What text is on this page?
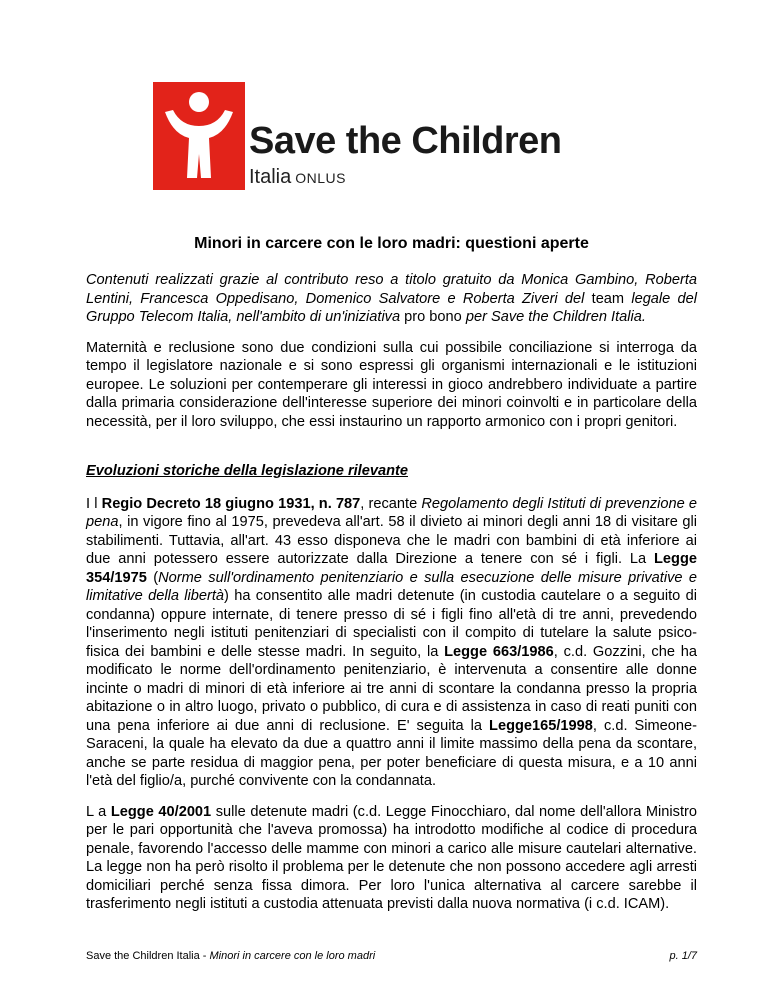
Save the Children
Italia ONLUS
Minori in carcere con le loro madri: questioni aperte

Contenuti realizzati grazie al contributo reso a titolo gratuito da Monica Gambino, Roberta Lentini, Francesca Oppedisano, Domenico Salvatore e Roberta Ziveri del team legale del Gruppo Telecom Italia, nell'ambito di un'iniziativa pro bono per Save the Children Italia.

Maternità e reclusione sono due condizioni sulla cui possibile conciliazione si interroga da tempo il legislatore nazionale e si sono espressi gli organismi internazionali e le istituzioni europee. Le soluzioni per contemperare gli interessi in gioco andrebbero individuate a partire dalla primaria considerazione dell'interesse superiore dei minori coinvolti e in particolare della necessità, per il loro sviluppo, che essi instaurino un rapporto armonico con i propri genitori.

Evoluzioni storiche della legislazione rilevante

I l Regio Decreto 18 giugno 1931, n. 787, recante Regolamento degli Istituti di prevenzione e pena, in vigore fino al 1975, prevedeva all'art. 58 il divieto ai minori degli anni 18 di visitare gli stabilimenti. Tuttavia, all'art. 43 esso disponeva che le madri con bambini di età inferiore ai due anni potessero essere autorizzate dalla Direzione a tenere con sé i figli. La Legge 354/1975 (Norme sull'ordinamento penitenziario e sulla esecuzione delle misure privative e limitative della libertà) ha consentito alle madri detenute (in custodia cautelare o a seguito di condanna) oppure internate, di tenere presso di sé i figli fino all'età di tre anni, prevedendo l'inserimento negli istituti penitenziari di specialisti con il compito di tutelare la salute psico-fisica dei bambini e delle stesse madri. In seguito, la Legge 663/1986, c.d. Gozzini, che ha modificato le norme dell'ordinamento penitenziario, è intervenuta a consentire alle donne incinte o madri di minori di età inferiore ai tre anni di scontare la condanna presso la propria abitazione o in altro luogo, privato o pubblico, di cura e di assistenza in caso di reati puniti con una pena inferiore ai due anni di reclusione. E' seguita la Legge165/1998, c.d. Simeone-Saraceni, la quale ha elevato da due a quattro anni il limite massimo della pena da scontare, anche se parte residua di maggior pena, per poter beneficiare di questa misura, e a 10 anni l'età del figlio/a, purché convivente con la condannata.

L a Legge 40/2001 sulle detenute madri (c.d. Legge Finocchiaro, dal nome dell'allora Ministro per le pari opportunità che l'aveva promossa) ha introdotto modifiche al codice di procedura penale, favorendo l'accesso delle mamme con minori a carico alle misure cautelari alternative. La legge non ha però risolto il problema per le detenute che non possono accedere agli arresti domiciliari perché senza fissa dimora. Per loro l'unica alternativa al carcere sarebbe il trasferimento negli istituti a custodia attenuata previsti dalla nuova normativa (i c.d. ICAM).

Save the Children Italia - Minori in carcere con le loro madri	p. 1/7
